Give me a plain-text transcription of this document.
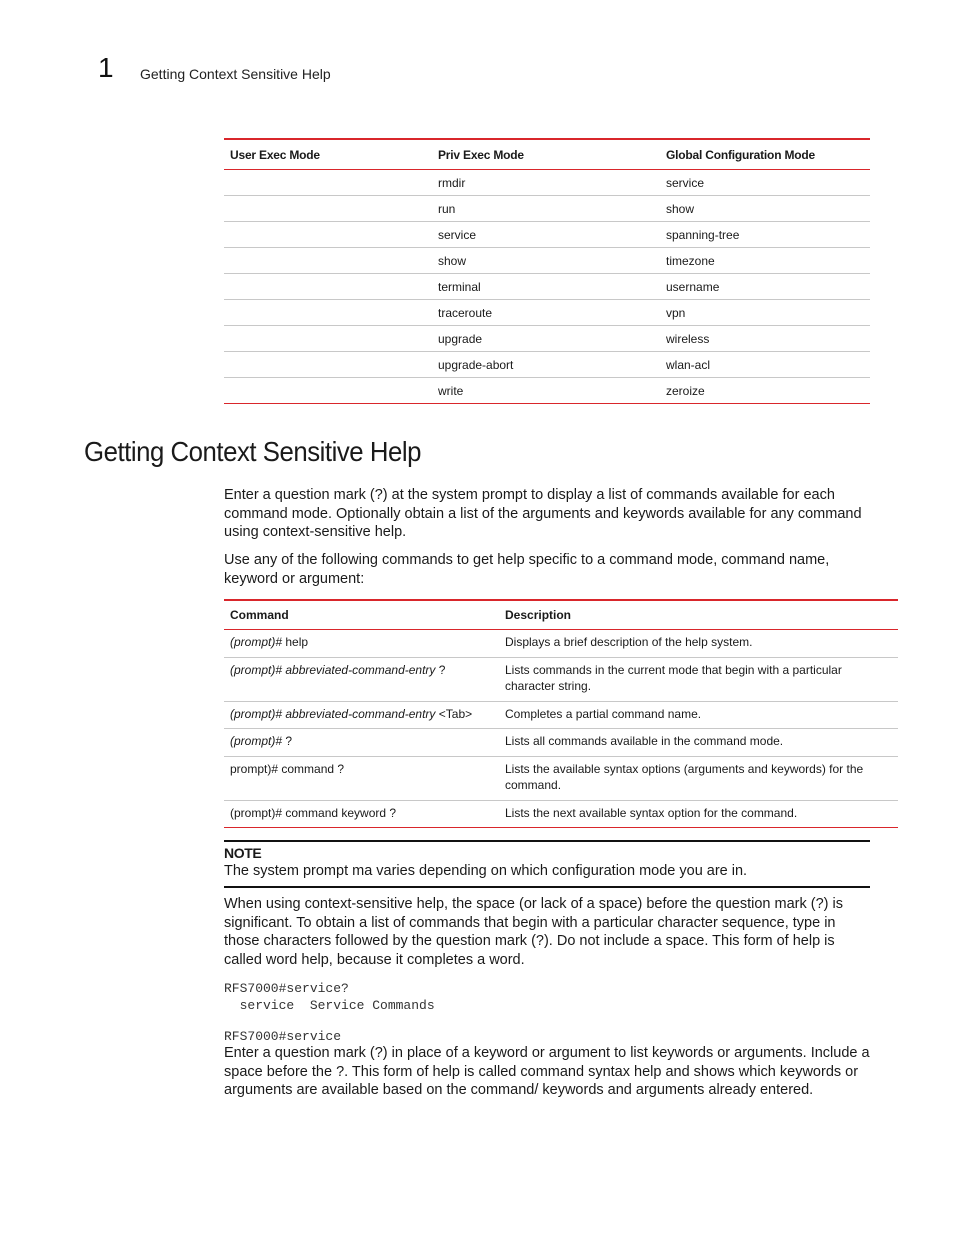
1 Getting Context Sensitive Help
User Exec Mode	Priv Exec Mode	Global Configuration Mode
	rmdir	service
	run	show
	service	spanning-tree
	show	timezone
	terminal	username
	traceroute	vpn
	upgrade	wireless
	upgrade-abort	wlan-acl
	write	zeroize
Getting Context Sensitive Help

Enter a question mark (?) at the system prompt to display a list of commands available for each command mode. Optionally obtain a list of the arguments and keywords available for any command using context-sensitive help.

Use any of the following commands to get help specific to a command mode, command name, keyword or argument:

Command	Description
(prompt)# help	Displays a brief description of the help system.
(prompt)# abbreviated-command-entry ?	Lists commands in the current mode that begin with a particular character string.
(prompt)# abbreviated-command-entry <Tab>	Completes a partial command name.
(prompt)# ?	Lists all commands available in the command mode.
prompt)# command ?	Lists the available syntax options (arguments and keywords) for the command.
(prompt)# command keyword ?	Lists the next available syntax option for the command.
NOTE
The system prompt ma varies depending on which configuration mode you are in.

When using context-sensitive help, the space (or lack of a space) before the question mark (?) is significant. To obtain a list of commands that begin with a particular character sequence, type in those characters followed by the question mark (?). Do not include a space. This form of help is called word help, because it completes a word.

RFS7000#service?
service  Service Commands
RFS7000#service

Enter a question mark (?) in place of a keyword or argument to list keywords or arguments. Include a space before the ?. This form of help is called command syntax help and shows which keywords or arguments are available based on the command/ keywords and arguments already entered.
